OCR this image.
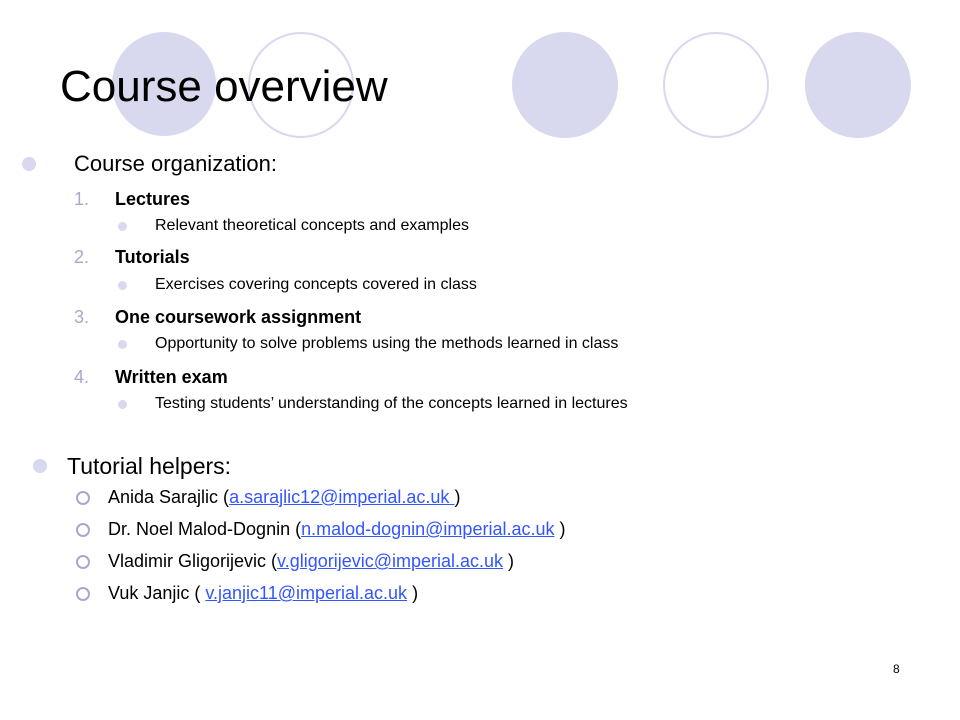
Course overview
Course organization:
1. Lectures
Relevant theoretical concepts and examples
2. Tutorials
Exercises covering concepts covered in class
3. One coursework assignment
Opportunity to solve problems using the methods learned in class
4. Written exam
Testing students’ understanding of the concepts learned in lectures
Tutorial helpers:
Anida Sarajlic (a.sarajlic12@imperial.ac.uk )
Dr. Noel Malod-Dognin (n.malod-dognin@imperial.ac.uk )
Vladimir Gligorijevic (v.gligorijevic@imperial.ac.uk )
Vuk Janjic ( v.janjic11@imperial.ac.uk )
8
